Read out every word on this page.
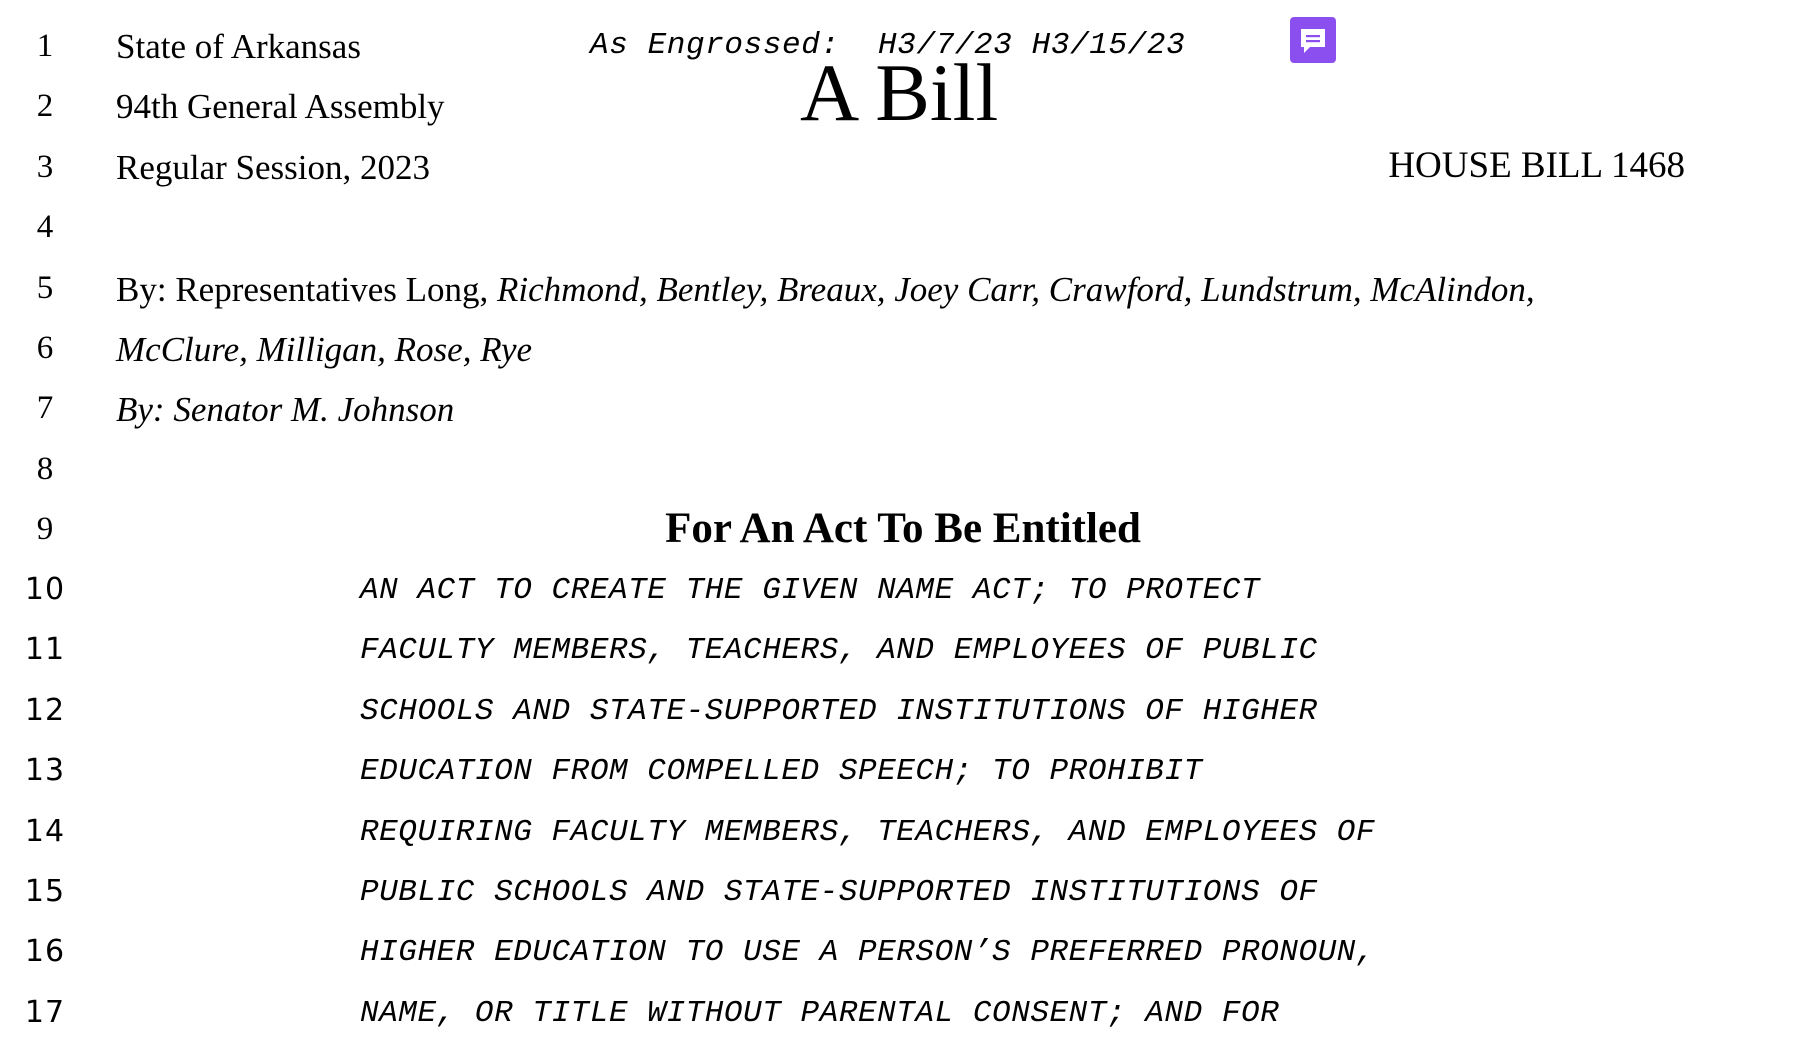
1
2
3
4
5
6
7
8
9
10
11
12
13
14
15
16
17
State of Arkansas
94th General Assembly
Regular Session, 2023
As Engrossed:  H3/7/23 H3/15/23
A Bill
HOUSE BILL 1468
By: Representatives Long, Richmond, Bentley, Breaux, Joey Carr, Crawford, Lundstrum, McAlindon,
McClure, Milligan, Rose, Rye
By: Senator M. Johnson
For An Act To Be Entitled
AN ACT TO CREATE THE GIVEN NAME ACT; TO PROTECT
FACULTY MEMBERS, TEACHERS, AND EMPLOYEES OF PUBLIC
SCHOOLS AND STATE-SUPPORTED INSTITUTIONS OF HIGHER
EDUCATION FROM COMPELLED SPEECH; TO PROHIBIT
REQUIRING FACULTY MEMBERS, TEACHERS, AND EMPLOYEES OF
PUBLIC SCHOOLS AND STATE-SUPPORTED INSTITUTIONS OF
HIGHER EDUCATION TO USE A PERSON’S PREFERRED PRONOUN,
NAME, OR TITLE WITHOUT PARENTAL CONSENT; AND FOR
